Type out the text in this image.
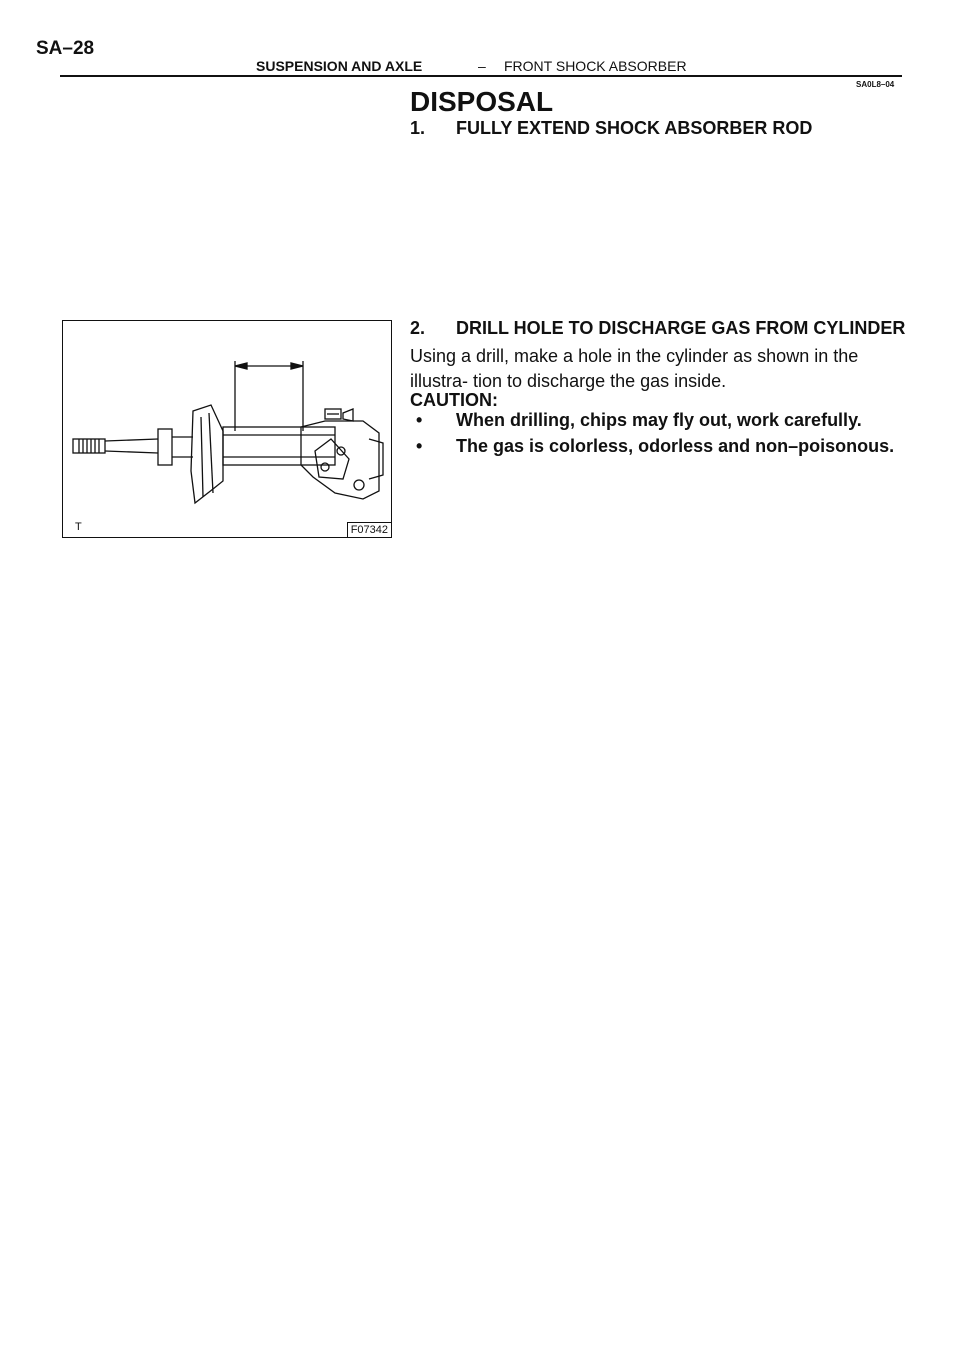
SA–28
SUSPENSION AND AXLE	– FRONT SHOCK ABSORBER
SA0L8–04
DISPOSAL
1. FULLY EXTEND SHOCK ABSORBER ROD
2. DRILL HOLE TO DISCHARGE GAS FROM CYLINDER
Using a drill, make a hole in the cylinder as shown in the illustra- tion to discharge the gas inside.
CAUTION:
• When drilling, chips may fly out, work carefully.
• The gas is colorless, odorless and non–poisonous.
T	F07342
